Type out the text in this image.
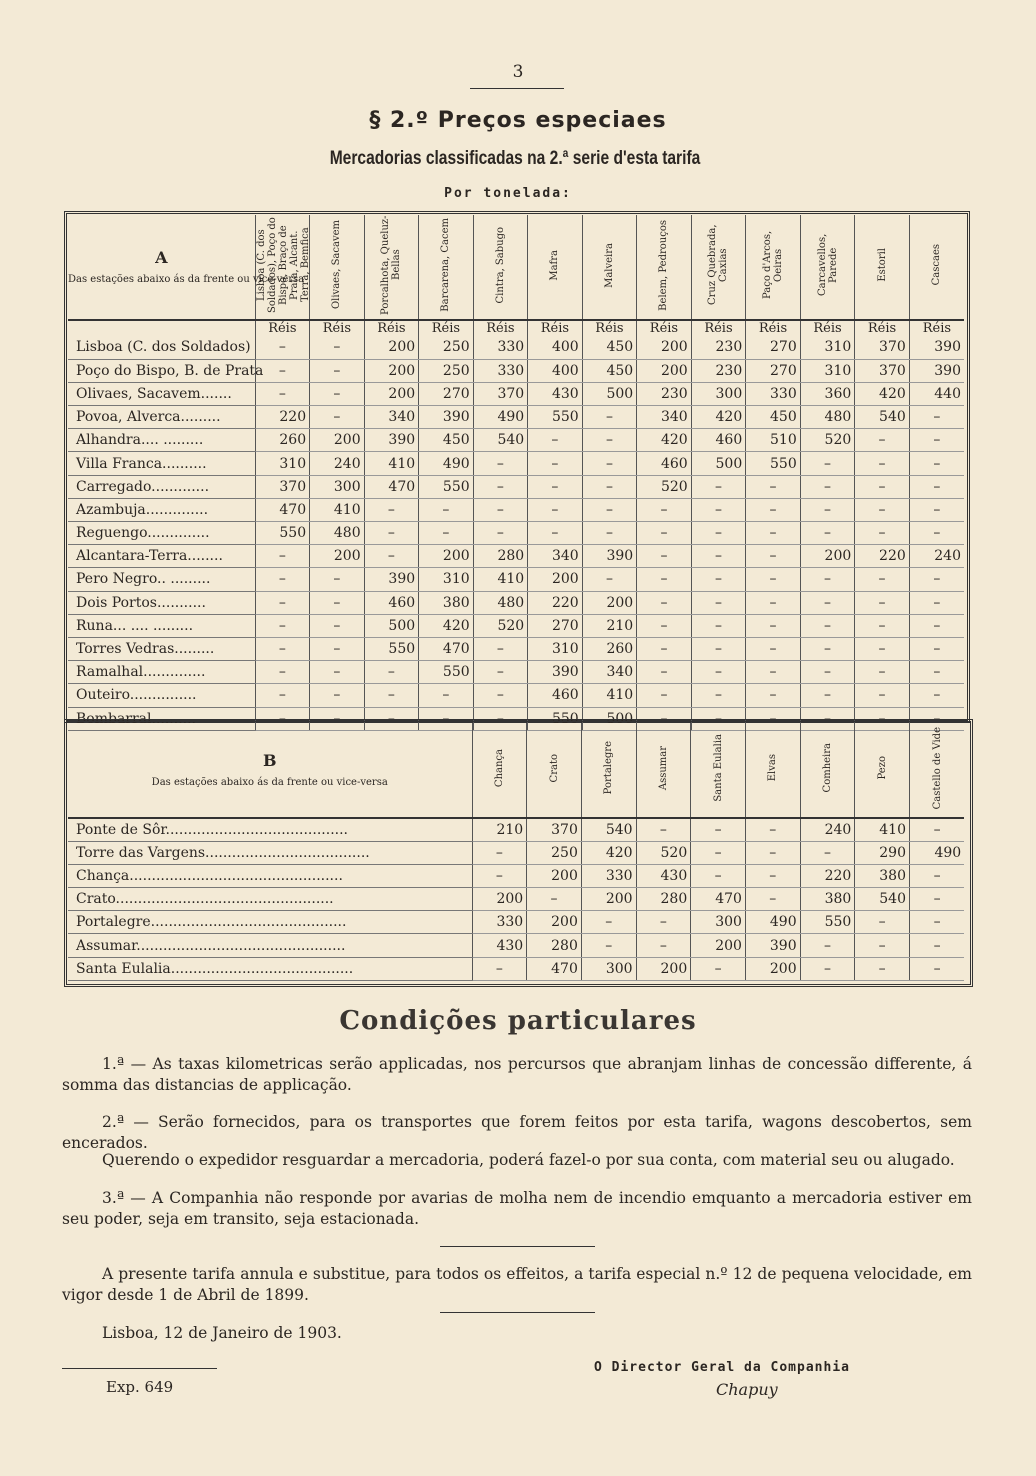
3
§ 2.º Preços especiaes
Mercadorias classificadas na 2.ª serie d'esta tarifa
Por tonelada:
A
Das estações abaixo ás da frente ou vice-versa	Lisboa (C. dos Soldados), Poço do Bispo, Braço de Prata, Alcant. Terra, Bemfica	Olivaes, Sacavem	Porcalhota, Queluz-Bellas	Barcarena, Cacem	Cintra, Sabugo	Mafra	Malveira	Belem, Pedrouços	Cruz Quebrada, Caxias	Paço d'Arcos, Oeiras	Carcavellos, Parede	Estoril	Cascaes
	Réis	Réis	Réis	Réis	Réis	Réis	Réis	Réis	Réis	Réis	Réis	Réis	Réis
Lisboa (C. dos Soldados)	–	–	200	250	330	400	450	200	230	270	310	370	390
Poço do Bispo, B. de Prata	–	–	200	250	330	400	450	200	230	270	310	370	390
Olivaes, Sacavem.......	–	–	200	270	370	430	500	230	300	330	360	420	440
Povoa, Alverca.........	220	–	340	390	490	550	–	340	420	450	480	540	–
Alhandra.... .........	260	200	390	450	540	–	–	420	460	510	520	–	–
Villa Franca..........	310	240	410	490	–	–	–	460	500	550	–	–	–
Carregado.............	370	300	470	550	–	–	–	520	–	–	–	–	–
Azambuja..............	470	410	–	–	–	–	–	–	–	–	–	–	–
Reguengo..............	550	480	–	–	–	–	–	–	–	–	–	–	–
Alcantara-Terra........	–	200	–	200	280	340	390	–	–	–	200	220	240
Pero Negro.. .........	–	–	390	310	410	200	–	–	–	–	–	–	–
Dois Portos...........	–	–	460	380	480	220	200	–	–	–	–	–	–
Runa... .... .........	–	–	500	420	520	270	210	–	–	–	–	–	–
Torres Vedras.........	–	–	550	470	–	310	260	–	–	–	–	–	–
Ramalhal..............	–	–	–	550	–	390	340	–	–	–	–	–	–
Outeiro...............	–	–	–	–	–	460	410	–	–	–	–	–	–
Bombarral..........	–	–	–	–	–	550	500	–	–	–	–	–	–
B
Das estações abaixo ás da frente ou vice-versa	Chança	Crato	Portalegre	Assumar	Santa Eulalia	Elvas	Comheira	Pezo	Castello de Vide
Ponte de Sôr.........................................	210	370	540	–	–	–	240	410	–
Torre das Vargens.....................................	–	250	420	520	–	–	–	290	490
Chança................................................	–	200	330	430	–	–	220	380	–
Crato.................................................	200	–	200	280	470	–	380	540	–
Portalegre............................................	330	200	–	–	300	490	550	–	–
Assumar...............................................	430	280	–	–	200	390	–	–	–
Santa Eulalia.........................................	–	470	300	200	–	200	–	–	–
Condições particulares
1.ª — As taxas kilometricas serão applicadas, nos percursos que abranjam linhas de concessão differente, á somma das distancias de applicação.
2.ª — Serão fornecidos, para os transportes que forem feitos por esta tarifa, wagons descobertos, sem encerados.
Querendo o expedidor resguardar a mercadoria, poderá fazel-o por sua conta, com material seu ou alugado.
3.ª — A Companhia não responde por avarias de molha nem de incendio emquanto a mercadoria estiver em seu poder, seja em transito, seja estacionada.
A presente tarifa annula e substitue, para todos os effeitos, a tarifa especial n.º 12 de pequena velocidade, em vigor desde 1 de Abril de 1899.
Lisboa, 12 de Janeiro de 1903.
Exp. 649
O Director Geral da Companhia
Chapuy
